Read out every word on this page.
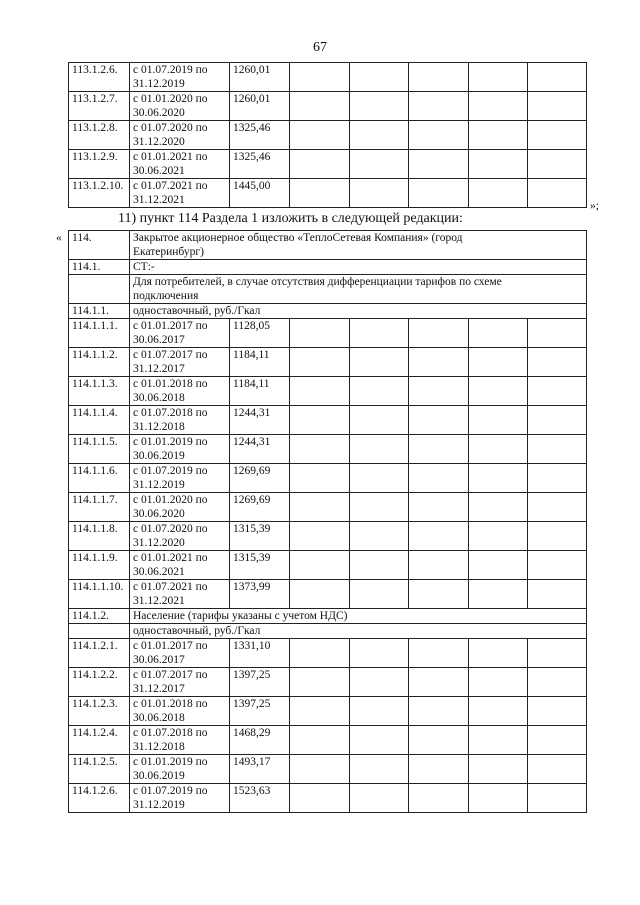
67
113.1.2.6.	с 01.07.2019 по
31.12.2019	1260,01					
113.1.2.7.	с 01.01.2020 по
30.06.2020	1260,01					
113.1.2.8.	с 01.07.2020 по
31.12.2020	1325,46					
113.1.2.9.	с 01.01.2021 по
30.06.2021	1325,46					
113.1.2.10.	с 01.07.2021 по
31.12.2021	1445,00					
»;
11) пункт 114 Раздела 1 изложить в следующей редакции:
« 114.	Закрытое акционерное общество «ТеплоСетевая Компания» (город
Екатеринбург)						
114.1.	СТ:-						
	Для потребителей, в случае отсутствия дифференциации тарифов по схеме
подключения						
114.1.1.	одноставочный, руб./Гкал						
114.1.1.1.	с 01.01.2017 по
30.06.2017	1128,05					
114.1.1.2.	с 01.07.2017 по
31.12.2017	1184,11					
114.1.1.3.	с 01.01.2018 по
30.06.2018	1184,11					
114.1.1.4.	с 01.07.2018 по
31.12.2018	1244,31					
114.1.1.5.	с 01.01.2019 по
30.06.2019	1244,31					
114.1.1.6.	с 01.07.2019 по
31.12.2019	1269,69					
114.1.1.7.	с 01.01.2020 по
30.06.2020	1269,69					
114.1.1.8.	с 01.07.2020 по
31.12.2020	1315,39					
114.1.1.9.	с 01.01.2021 по
30.06.2021	1315,39					
114.1.1.10.	с 01.07.2021 по
31.12.2021	1373,99					
114.1.2.	Население (тарифы указаны с учетом НДС)						
	одноставочный, руб./Гкал						
114.1.2.1.	с 01.01.2017 по
30.06.2017	1331,10					
114.1.2.2.	с 01.07.2017 по
31.12.2017	1397,25					
114.1.2.3.	с 01.01.2018 по
30.06.2018	1397,25					
114.1.2.4.	с 01.07.2018 по
31.12.2018	1468,29					
114.1.2.5.	с 01.01.2019 по
30.06.2019	1493,17					
114.1.2.6.	с 01.07.2019 по
31.12.2019	1523,63					
